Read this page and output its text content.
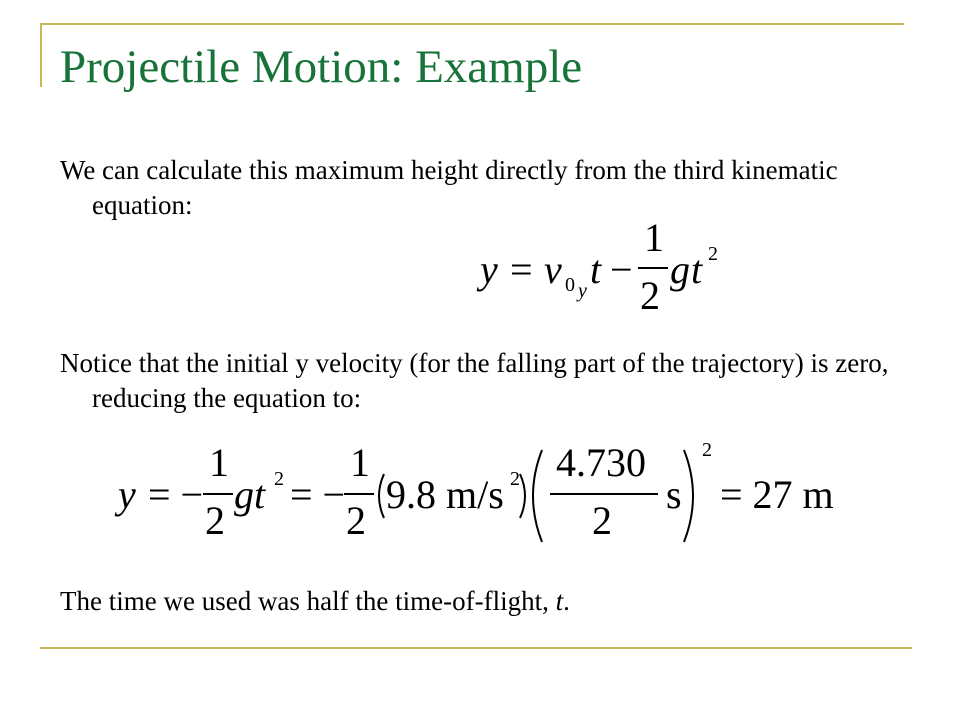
Projectile Motion: Example

We can calculate this maximum height directly from the third kinematic equation:

y = v 0 y t −
1
2
g t 2

Notice that the initial y velocity (for the falling part of the trajectory) is zero, reducing the equation to:

y = −
1
2
gt 2 = −
1
2
9.8 m/s 2 4.730
2
s
2
= 27 m

The time we used was half the time-of-flight, t.
